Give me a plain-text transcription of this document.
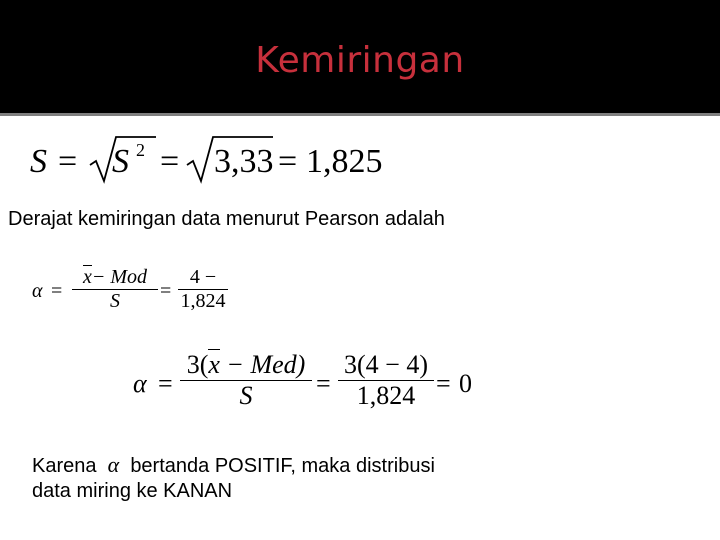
Kemiringan
S = S 2 = 3,33 = 1,825
Derajat kemiringan data menurut Pearson adalah
α =
x− Mod
S	=
4 −
1,824
α =
3(x − Med)
S	=
3(4 − 4)
1,824 = 0
Karena α bertanda POSITIF, maka distribusi
data miring ke KANAN
